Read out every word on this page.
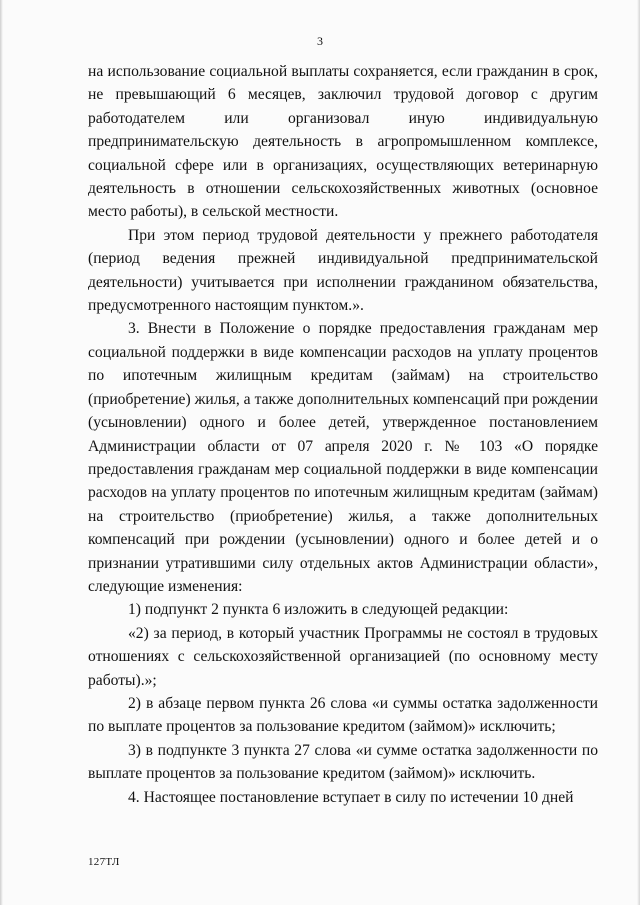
3

на использование социальной выплаты сохраняется, если гражданин в срок, не превышающий 6 месяцев, заключил трудовой договор с другим работодателем или организовал иную индивидуальную предпринимательскую деятельность в агропромышленном комплексе, социальной сфере или в организациях, осуществляющих ветеринарную деятельность в отношении сельскохозяйственных животных (основное место работы), в сельской местности.

При этом период трудовой деятельности у прежнего работодателя (период ведения прежней индивидуальной предпринимательской деятельности) учитывается при исполнении гражданином обязательства, предусмотренного настоящим пунктом.».

3. Внести в Положение о порядке предоставления гражданам мер социальной поддержки в виде компенсации расходов на уплату процентов по ипотечным жилищным кредитам (займам) на строительство (приобретение) жилья, а также дополнительных компенсаций при рождении (усыновлении) одного и более детей, утвержденное постановлением Администрации области от 07 апреля 2020 г. № 103 «О порядке предоставления гражданам мер социальной поддержки в виде компенсации расходов на уплату процентов по ипотечным жилищным кредитам (займам) на строительство (приобретение) жилья, а также дополнительных компенсаций при рождении (усыновлении) одного и более детей и о признании утратившими силу отдельных актов Администрации области», следующие изменения:

1) подпункт 2 пункта 6 изложить в следующей редакции:

«2) за период, в который участник Программы не состоял в трудовых отношениях с сельскохозяйственной организацией (по основному месту работы).»;

2) в абзаце первом пункта 26 слова «и суммы остатка задолженности по выплате процентов за пользование кредитом (займом)» исключить;

3) в подпункте 3 пункта 27 слова «и сумме остатка задолженности по выплате процентов за пользование кредитом (займом)» исключить.

4. Настоящее постановление вступает в силу по истечении 10 дней

127ТЛ
